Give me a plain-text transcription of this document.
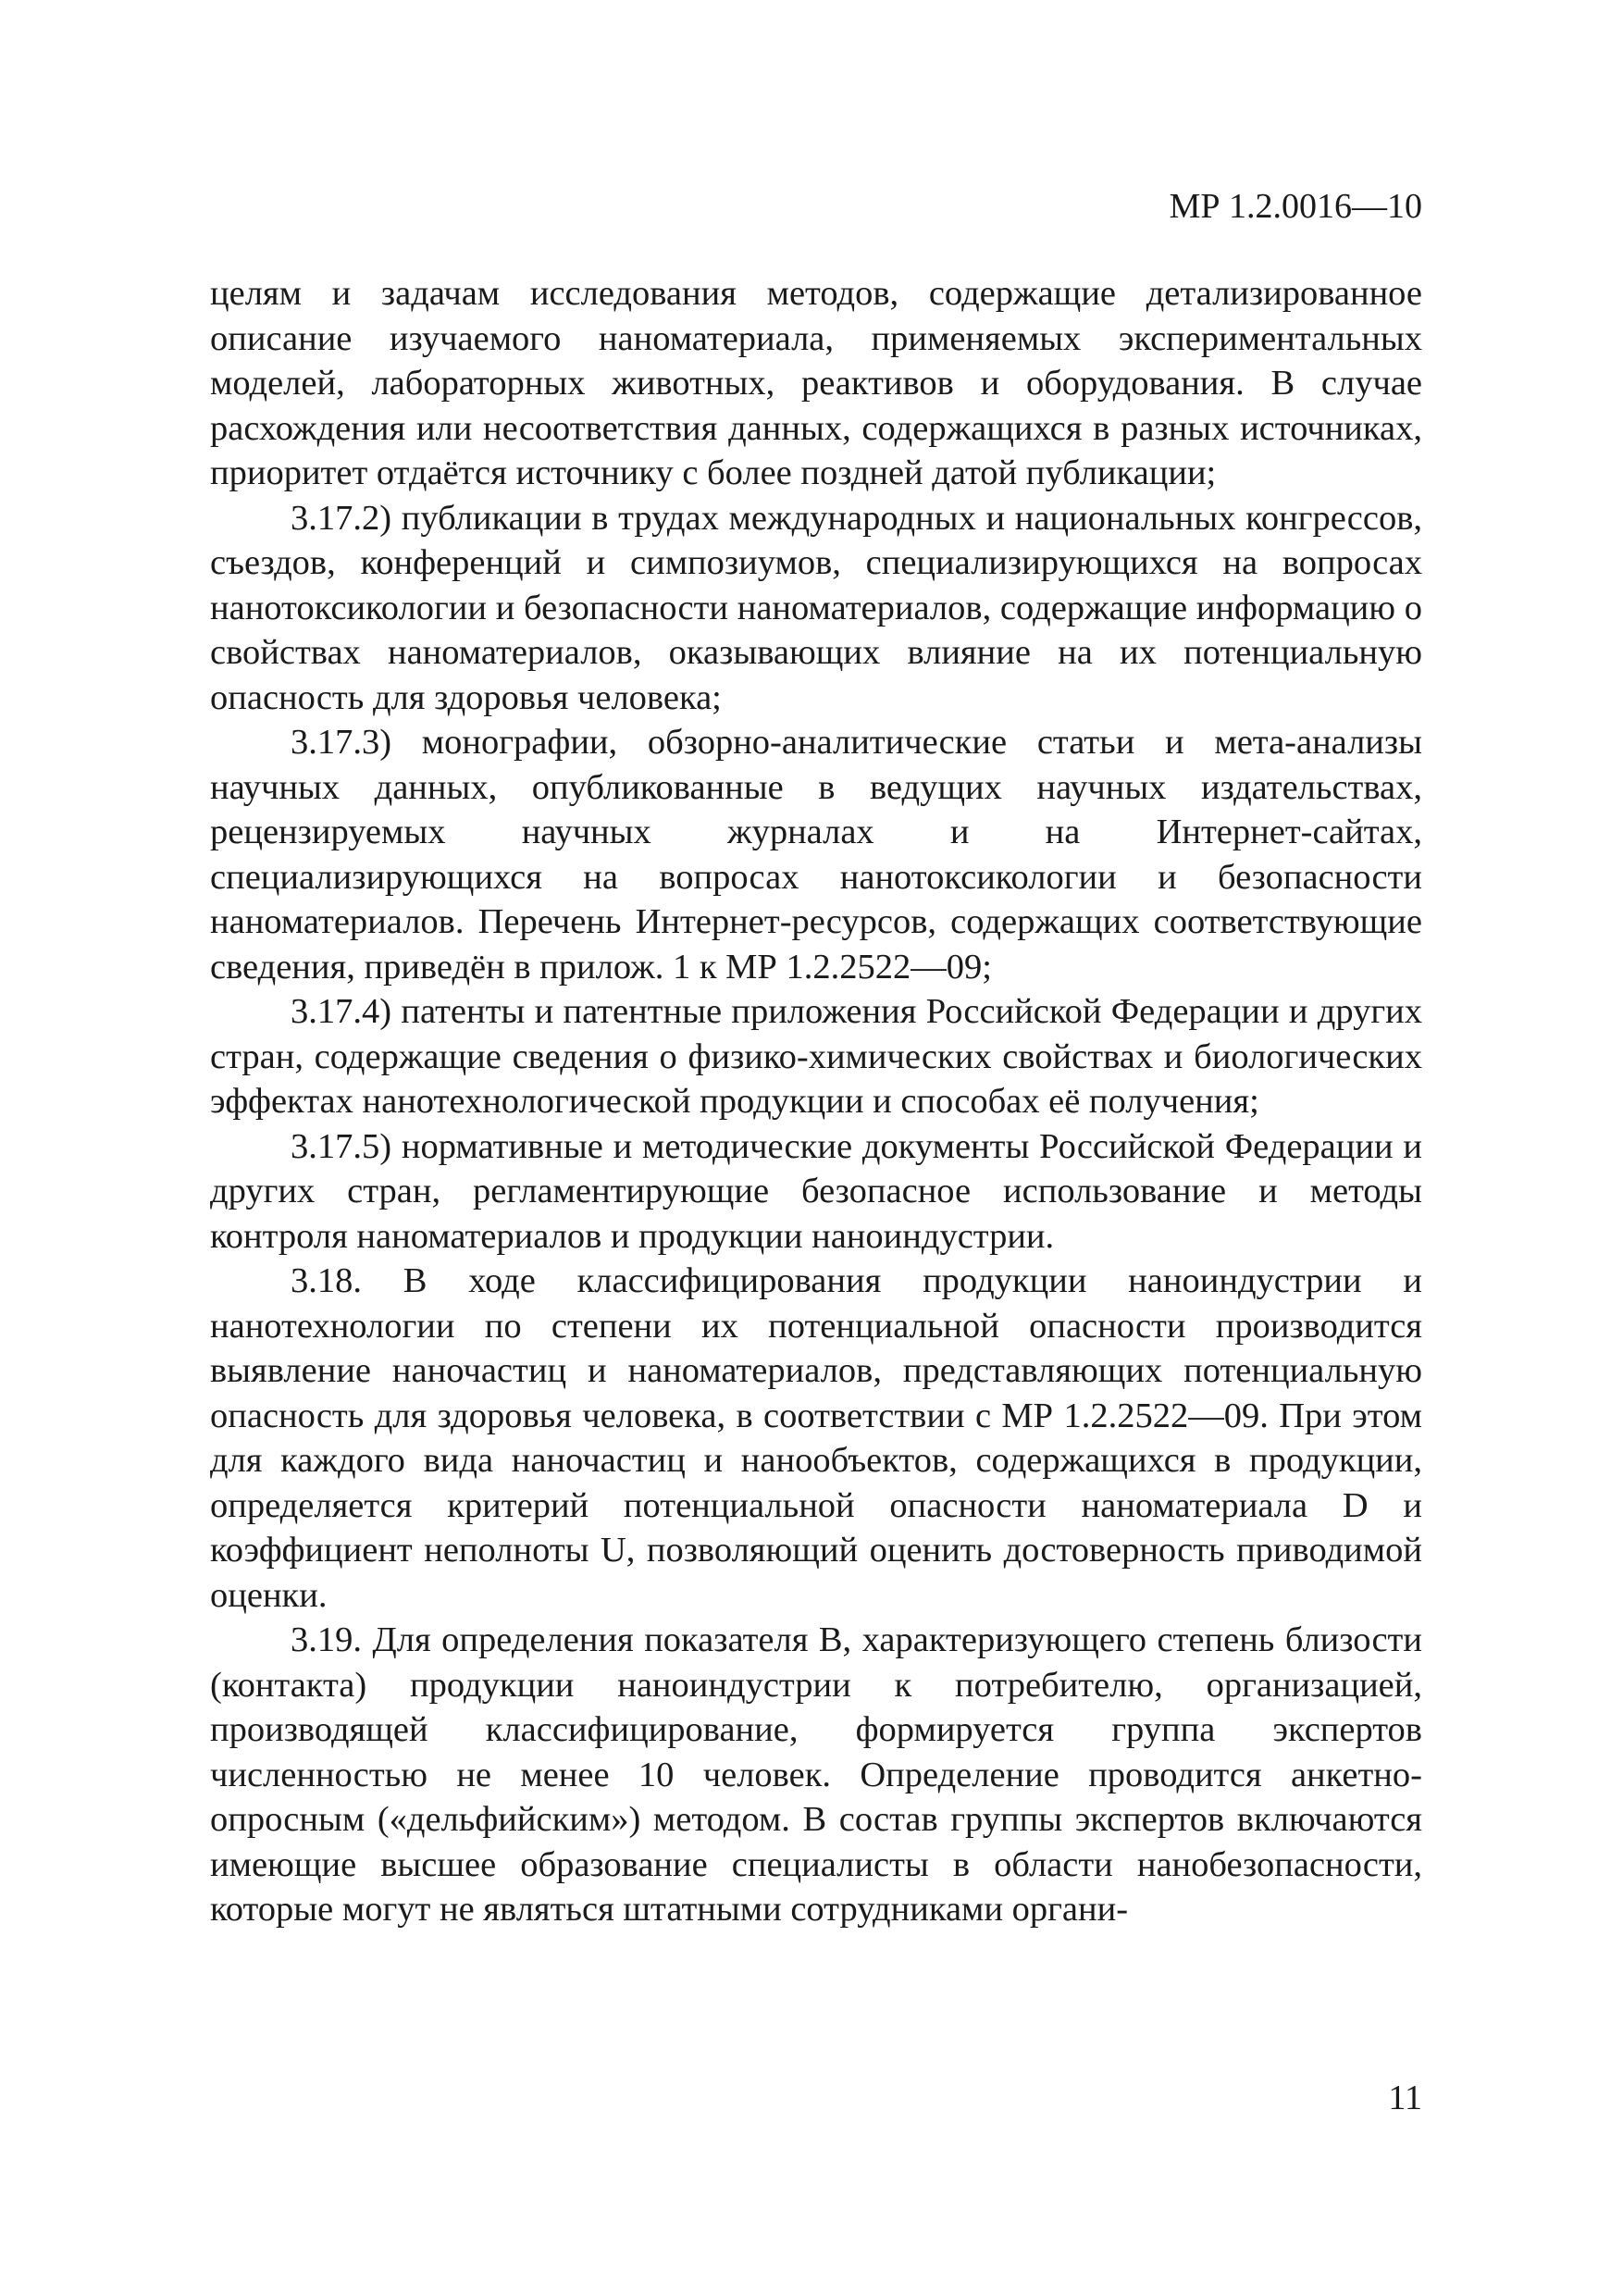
МР 1.2.0016—10

целям и задачам исследования методов, содержащие детализированное описание изучаемого наноматериала, применяемых экспериментальных моделей, лабораторных животных, реактивов и оборудования. В случае расхождения или несоответствия данных, содержащихся в разных источниках, приоритет отдаётся источнику с более поздней датой публикации;

3.17.2) публикации в трудах международных и национальных конгрессов, съездов, конференций и симпозиумов, специализирующихся на вопросах нанотоксикологии и безопасности наноматериалов, содержащие информацию о свойствах наноматериалов, оказывающих влияние на их потенциальную опасность для здоровья человека;

3.17.3) монографии, обзорно-аналитические статьи и мета-анализы научных данных, опубликованные в ведущих научных издательствах, рецензируемых научных журналах и на Интернет-сайтах, специализирующихся на вопросах нанотоксикологии и безопасности наноматериалов. Перечень Интернет-ресурсов, содержащих соответствующие сведения, приведён в прилож. 1 к МР 1.2.2522—09;

3.17.4) патенты и патентные приложения Российской Федерации и других стран, содержащие сведения о физико-химических свойствах и биологических эффектах нанотехнологической продукции и способах её получения;

3.17.5) нормативные и методические документы Российской Федерации и других стран, регламентирующие безопасное использование и методы контроля наноматериалов и продукции наноиндустрии.

3.18. В ходе классифицирования продукции наноиндустрии и нанотехнологии по степени их потенциальной опасности производится выявление наночастиц и наноматериалов, представляющих потенциальную опасность для здоровья человека, в соответствии с МР 1.2.2522—09. При этом для каждого вида наночастиц и нанообъектов, содержащихся в продукции, определяется критерий потенциальной опасности наноматериала D и коэффициент неполноты U, позволяющий оценить достоверность приводимой оценки.

3.19. Для определения показателя В, характеризующего степень близости (контакта) продукции наноиндустрии к потребителю, организацией, производящей классифицирование, формируется группа экспертов численностью не менее 10 человек. Определение проводится анкетно-опросным («дельфийским») методом. В состав группы экспертов включаются имеющие высшее образование специалисты в области нанобезопасности, которые могут не являться штатными сотрудниками органи-

11
